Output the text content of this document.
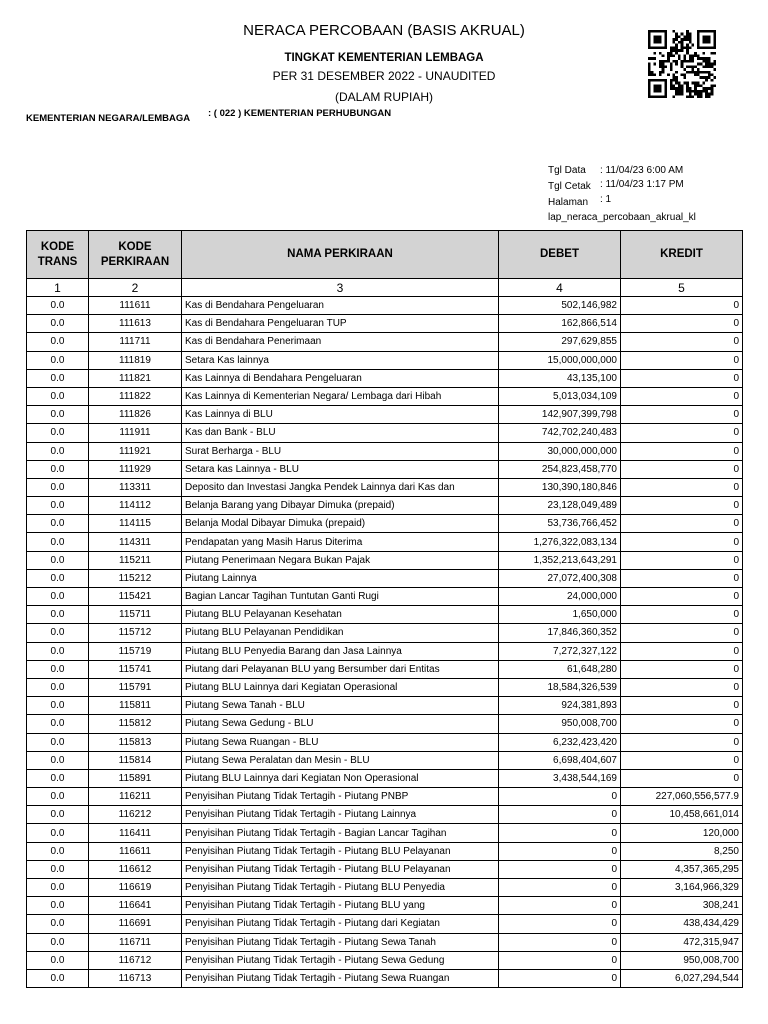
NERACA PERCOBAAN (BASIS AKRUAL)
TINGKAT KEMENTERIAN LEMBAGA
PER 31 DESEMBER 2022 - UNAUDITED
(DALAM RUPIAH)
KEMENTERIAN NEGARA/LEMBAGA : ( 022 ) KEMENTERIAN PERHUBUNGAN
Tgl Data : 11/04/23 6:00 AM
Tgl Cetak : 11/04/23 1:17 PM
Halaman : 1
lap_neraca_percobaan_akrual_kl
KODE TRANS	KODE PERKIRAAN	NAMA PERKIRAAN	DEBET	KREDIT
1	2	3	4	5
0.0	111611	Kas di Bendahara Pengeluaran	502,146,982	0
0.0	111613	Kas di Bendahara Pengeluaran TUP	162,866,514	0
0.0	111711	Kas di Bendahara Penerimaan	297,629,855	0
0.0	111819	Setara Kas lainnya	15,000,000,000	0
0.0	111821	Kas Lainnya di Bendahara Pengeluaran	43,135,100	0
0.0	111822	Kas Lainnya di Kementerian Negara/ Lembaga dari Hibah	5,013,034,109	0
0.0	111826	Kas Lainnya di BLU	142,907,399,798	0
0.0	111911	Kas dan Bank - BLU	742,702,240,483	0
0.0	111921	Surat Berharga - BLU	30,000,000,000	0
0.0	111929	Setara kas Lainnya - BLU	254,823,458,770	0
0.0	113311	Deposito dan Investasi Jangka Pendek Lainnya dari Kas dan	130,390,180,846	0
0.0	114112	Belanja Barang yang Dibayar Dimuka (prepaid)	23,128,049,489	0
0.0	114115	Belanja Modal Dibayar Dimuka (prepaid)	53,736,766,452	0
0.0	114311	Pendapatan yang Masih Harus Diterima	1,276,322,083,134	0
0.0	115211	Piutang Penerimaan Negara Bukan Pajak	1,352,213,643,291	0
0.0	115212	Piutang Lainnya	27,072,400,308	0
0.0	115421	Bagian Lancar Tagihan Tuntutan Ganti Rugi	24,000,000	0
0.0	115711	Piutang BLU Pelayanan Kesehatan	1,650,000	0
0.0	115712	Piutang BLU Pelayanan Pendidikan	17,846,360,352	0
0.0	115719	Piutang BLU Penyedia Barang dan Jasa Lainnya	7,272,327,122	0
0.0	115741	Piutang dari Pelayanan BLU yang Bersumber dari Entitas	61,648,280	0
0.0	115791	Piutang BLU Lainnya dari Kegiatan Operasional	18,584,326,539	0
0.0	115811	Piutang Sewa Tanah - BLU	924,381,893	0
0.0	115812	Piutang Sewa Gedung - BLU	950,008,700	0
0.0	115813	Piutang Sewa Ruangan - BLU	6,232,423,420	0
0.0	115814	Piutang Sewa Peralatan dan Mesin - BLU	6,698,404,607	0
0.0	115891	Piutang BLU Lainnya dari Kegiatan Non Operasional	3,438,544,169	0
0.0	116211	Penyisihan Piutang Tidak Tertagih - Piutang PNBP	0	227,060,556,577.9
0.0	116212	Penyisihan Piutang Tidak Tertagih - Piutang Lainnya	0	10,458,661,014
0.0	116411	Penyisihan Piutang Tidak Tertagih - Bagian Lancar Tagihan	0	120,000
0.0	116611	Penyisihan Piutang Tidak Tertagih - Piutang BLU Pelayanan	0	8,250
0.0	116612	Penyisihan Piutang Tidak Tertagih - Piutang BLU Pelayanan	0	4,357,365,295
0.0	116619	Penyisihan Piutang Tidak Tertagih - Piutang BLU Penyedia	0	3,164,966,329
0.0	116641	Penyisihan Piutang Tidak Tertagih - Piutang BLU yang	0	308,241
0.0	116691	Penyisihan Piutang Tidak Tertagih - Piutang dari Kegiatan	0	438,434,429
0.0	116711	Penyisihan Piutang Tidak Tertagih - Piutang Sewa Tanah	0	472,315,947
0.0	116712	Penyisihan Piutang Tidak Tertagih - Piutang Sewa Gedung	0	950,008,700
0.0	116713	Penyisihan Piutang Tidak Tertagih - Piutang Sewa Ruangan	0	6,027,294,544
